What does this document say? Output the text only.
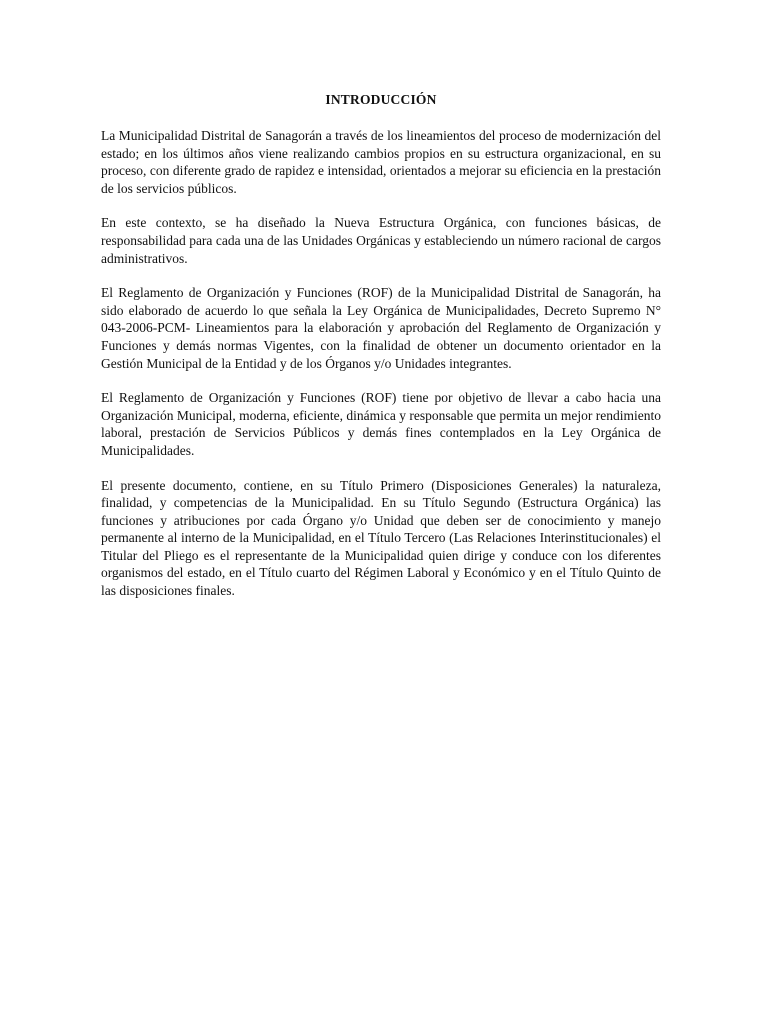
INTRODUCCIÓN

La Municipalidad Distrital de Sanagorán a través de los lineamientos del proceso de modernización del estado; en los últimos años viene realizando cambios propios en su estructura organizacional, en su proceso, con diferente grado de rapidez e intensidad, orientados a mejorar su eficiencia en la prestación de los servicios públicos.

En este contexto, se ha diseñado la Nueva Estructura Orgánica, con funciones básicas, de responsabilidad para cada una de las Unidades Orgánicas y estableciendo un número racional de cargos administrativos.

El Reglamento de Organización y Funciones (ROF) de la Municipalidad Distrital de Sanagorán, ha sido elaborado de acuerdo lo que señala la Ley Orgánica de Municipalidades, Decreto Supremo N° 043-2006-PCM- Lineamientos para la elaboración y aprobación del Reglamento de Organización y Funciones y demás normas Vigentes, con la finalidad de obtener un documento orientador en la Gestión Municipal de la Entidad y de los Órganos y/o Unidades integrantes.

El Reglamento de Organización y Funciones (ROF) tiene por objetivo de llevar a cabo hacia una Organización Municipal, moderna, eficiente, dinámica y responsable que permita un mejor rendimiento laboral, prestación de Servicios Públicos y demás fines contemplados en la Ley Orgánica de Municipalidades.

El presente documento, contiene, en su Título Primero (Disposiciones Generales) la naturaleza, finalidad, y competencias de la Municipalidad. En su Título Segundo (Estructura Orgánica) las funciones y atribuciones por cada Órgano y/o Unidad que deben ser de conocimiento y manejo permanente al interno de la Municipalidad, en el Título Tercero (Las Relaciones Interinstitucionales) el Titular del Pliego es el representante de la Municipalidad quien dirige y conduce con los diferentes organismos del estado, en el Título cuarto del Régimen Laboral y Económico y en el Título Quinto de las disposiciones finales.
